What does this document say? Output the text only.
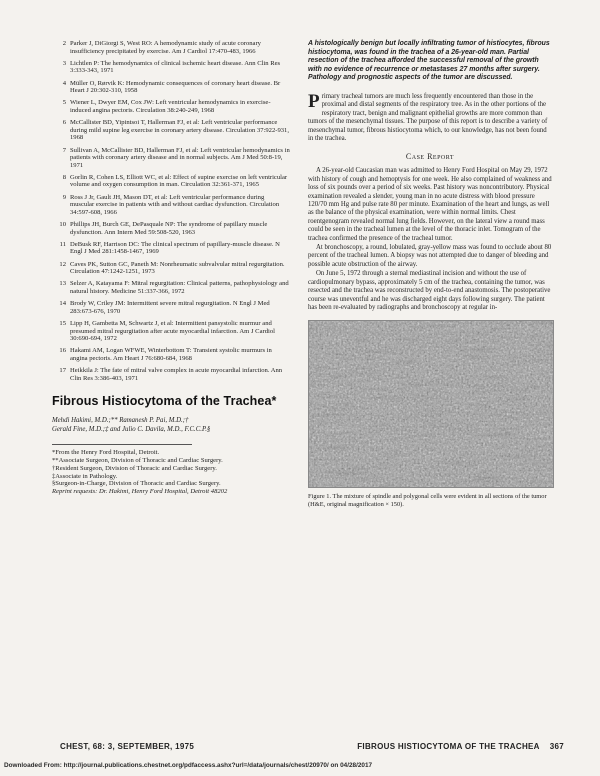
2 Parker J, DiGiorgi S, West RO: A hemodynamic study of acute coronary insufficiency precipitated by exercise. Am J Cardiol 17:470-483, 1966
3 Lichtlen P: The hemodynamics of clinical ischemic heart disease. Ann Clin Res 3:333-343, 1971
4 Müller O, Rørvik K: Hemodynamic consequences of coronary heart disease. Br Heart J 20:302-310, 1958
5 Wiener L, Dwyer EM, Cox JW: Left ventricular hemodynamics in exercise-induced angina pectoris. Circulation 38:240-249, 1968
6 McCallister BD, Yipintsoi T, Hallerman FJ, et al: Left ventricular performance during mild supine leg exercise in coronary artery disease. Circulation 37:922-931, 1968
7 Sullivan A, McCallister BD, Hallerman FJ, et al: Left ventricular hemodynamics in patients with coronary artery disease and in normal subjects. Am J Med 50:8-19, 1971
8 Gorlin R, Cohen LS, Elliott WC, et al: Effect of supine exercise on left ventricular volume and oxygen consumption in man. Circulation 32:361-371, 1965
9 Ross J Jr, Gault JH, Mason DT, et al: Left ventricular performance during muscular exercise in patients with and without cardiac dysfunction. Circulation 34:597-608, 1966
10 Phillips JH, Burch GE, DePasquale NP: The syndrome of papillary muscle dysfunction. Ann Intern Med 59:508-520, 1963
11 DeBusk RF, Harrison DC: The clinical spectrum of papillary-muscle disease. N Engl J Med 281:1458-1467, 1969
12 Caves PK, Sutton GC, Paneth M: Nonrheumatic subvalvular mitral regurgitation. Circulation 47:1242-1251, 1973
13 Selzer A, Katayama F: Mitral regurgitation: Clinical patterns, pathophysiology and natural history. Medicine 51:337-366, 1972
14 Brody W, Criley JM: Intermittent severe mitral regurgitation. N Engl J Med 283:673-676, 1970
15 Lipp H, Gambetta M, Schwartz J, et al: Intermittent pansystolic murmur and presumed mitral regurgitation after acute myocardial infarction. Am J Cardiol 30:690-694, 1972
16 Hakami AM, Logan WFWE, Winterbottom T: Transient systolic murmurs in angina pectoris. Am Heart J 76:680-684, 1968
17 Heikkila J: The fate of mitral valve complex in acute myocardial infarction. Ann Clin Res 3:386-403, 1971
Fibrous Histiocytoma of the Trachea*
Mehdi Hakimi, M.D.;** Ramanesh P. Pai, M.D.;†
Gerald Fine, M.D.;‡ and Julio C. Davila, M.D., F.C.C.P.§
*From the Henry Ford Hospital, Detroit.
**Associate Surgeon, Division of Thoracic and Cardiac Surgery.
†Resident Surgeon, Division of Thoracic and Cardiac Surgery.
‡Associate in Pathology.
§Surgeon-in-Charge, Division of Thoracic and Cardiac Surgery.
Reprint requests: Dr. Hakimi, Henry Ford Hospital, Detroit 48202

A histologically benign but locally infiltrating tumor of histiocytes, fibrous histiocytoma, was found in the trachea of a 26-year-old man. Partial resection of the trachea afforded the successful removal of the growth with no evidence of recurrence or metastases 27 months after surgery. Pathology and prognostic aspects of the tumor are discussed.

Primary tracheal tumors are much less frequently encountered than those in the proximal and distal segments of the respiratory tree. As in the other portions of the respiratory tract, benign and malignant epithelial growths are more common than tumors of the mesenchymal tissues. The purpose of this report is to describe a variety of mesenchymal tumor, fibrous histiocytoma which, to our knowledge, has not been found in the trachea.

Case Report

A 26-year-old Caucasian man was admitted to Henry Ford Hospital on May 29, 1972 with history of cough and hemoptysis for one week. He also complained of weakness and loss of six pounds over a period of six weeks. Past history was noncontributory. Physical examination revealed a slender, young man in no acute distress with blood pressure 120/70 mm Hg and pulse rate 80 per minute. Examination of the heart and lungs, as well as the balance of the physical examination, were within normal limits. Chest roentgenogram revealed normal lung fields. However, on the lateral view a round mass could be seen in the tracheal lumen at the level of the thoracic inlet. Tomogram of the trachea confirmed the presence of the tracheal tumor.

At bronchoscopy, a round, lobulated, gray-yellow mass was found to occlude about 80 percent of the tracheal lumen. A biopsy was not attempted due to danger of bleeding and possible acute obstruction of the airway.

On June 5, 1972 through a sternal mediastinal incision and without the use of cardiopulmonary bypass, approximately 5 cm of the trachea, containing the tumor, was resected and the trachea was reconstructed by end-to-end anastomosis. The postoperative course was uneventful and he was discharged eight days following surgery. The patient has been re-evaluated by radiographs and bronchoscopy at regular in-

Figure 1. The mixture of spindle and polygonal cells were evident in all sections of the tumor (H&E, original magnification × 150).
CHEST, 68: 3, SEPTEMBER, 1975	FIBROUS HISTIOCYTOMA OF THE TRACHEA 367
Downloaded From: http://journal.publications.chestnet.org/pdfaccess.ashx?url=/data/journals/chest/20970/ on 04/28/2017
